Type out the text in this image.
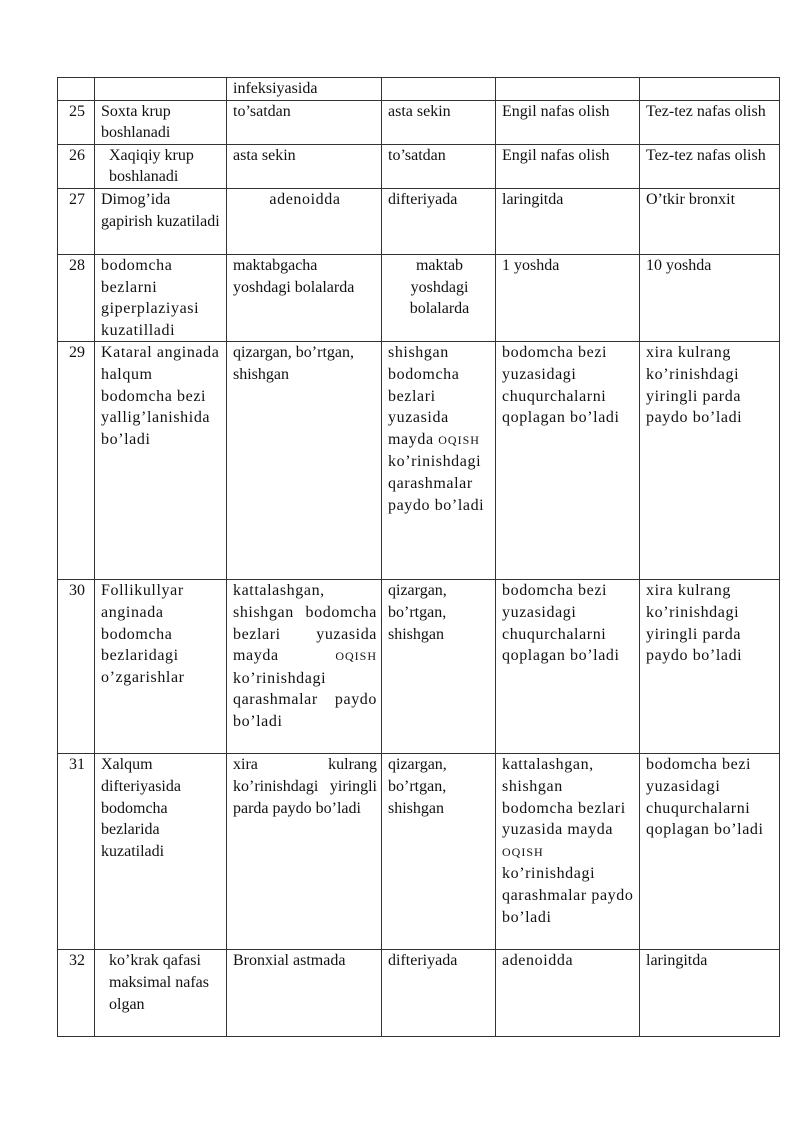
		infeksiyasida			
25	Soxta krup boshlanadi	to’satdan	asta sekin	Engil nafas olish	Tez-tez nafas olish
26	Xaqiqiy krup boshlanadi	asta sekin	to’satdan	Engil nafas olish	Tez-tez nafas olish
27	Dimog’ida gapirish kuzatiladi	adenoidda	difteriyada	laringitda	O’tkir bronxit
28	bodomcha bezlarni giperplaziyasi kuzatilladi	maktabgacha yoshdagi bolalarda	maktab yoshdagi bolalarda	1 yoshda	10 yoshda
29	Kataral anginada halqum bodomcha bezi yallig’lanishida bo’ladi	qizargan, bo’rtgan, shishgan	shishgan bodomcha bezlari yuzasida mayda OQISH ko’rinishdagi qarashmalar paydo bo’ladi	bodomcha bezi yuzasidagi chuqurchalarni qoplagan bo’ladi	xira kulrang ko’rinishdagi yiringli parda paydo bo’ladi
30	Follikullyar anginada bodomcha bezlaridagi o’zgarishlar	kattalashgan, shishgan bodomcha bezlari yuzasida mayda OQISH ko’rinishdagi qarashmalar paydo bo’ladi	qizargan, bo’rtgan, shishgan	bodomcha bezi yuzasidagi chuqurchalarni qoplagan bo’ladi	xira kulrang ko’rinishdagi yiringli parda paydo bo’ladi
31	Xalqum difteriyasida bodomcha bezlarida kuzatiladi	xira kulrang ko’rinishdagi yiringli parda paydo bo’ladi	qizargan, bo’rtgan, shishgan	kattalashgan, shishgan bodomcha bezlari yuzasida mayda OQISH ko’rinishdagi qarashmalar paydo bo’ladi	bodomcha bezi yuzasidagi chuqurchalarni qoplagan bo’ladi
32	ko’krak qafasi maksimal nafas olgan	Bronxial astmada	difteriyada	adenoidda	laringitda
